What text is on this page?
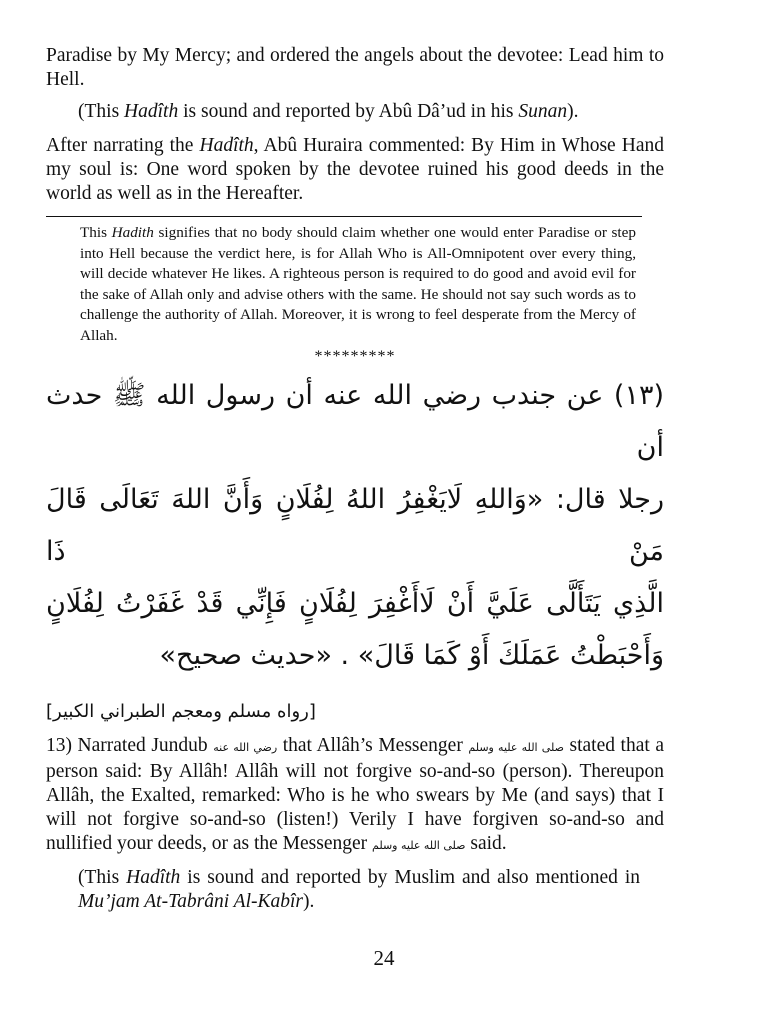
Paradise by My Mercy; and ordered the angels about the devotee: Lead him to Hell.

(This Hadîth is sound and reported by Abû Dâ’ud in his Sunan).

After narrating the Hadîth, Abû Huraira commented: By Him in Whose Hand my soul is: One word spoken by the devotee ruined his good deeds in the world as well as in the Hereafter.

This Hadith signifies that no body should claim whether one would enter Paradise or step into Hell because the verdict here, is for Allah Who is All-Omnipotent over every thing, will decide whatever He likes. A righteous person is required to do good and avoid evil for the sake of Allah only and advise others with the same. He should not say such words as to challenge the authority of Allah. Moreover, it is wrong to feel desperate from the Mercy of Allah.

*********
(١٣) عن جندب رضي الله عنه أن رسول الله ﷺ حدث أن
رجلا قال: «وَاللهِ لَايَغْفِرُ اللهُ لِفُلَانٍ وَأَنَّ اللهَ تَعَالَى قَالَ مَنْ ذَا
الَّذِي يَتَأَلَّى عَلَيَّ أَنْ لَاأَغْفِرَ لِفُلَانٍ فَإِنِّي قَدْ غَفَرْتُ لِفُلَانٍ
وَأَحْبَطْتُ عَمَلَكَ أَوْ كَمَا قَالَ» . «حديث صحيح»
[رواه مسلم ومعجم الطبراني الكبير]

13) Narrated Jundub رضي الله عنه that Allâh’s Messenger صلى الله عليه وسلم stated that a person said: By Allâh! Allâh will not forgive so-and-so (person). Thereupon Allâh, the Exalted, remarked: Who is he who swears by Me (and says) that I will not forgive so-and-so (listen!) Verily I have forgiven so-and-so and nullified your deeds, or as the Messenger صلى الله عليه وسلم said.

(This Hadîth is sound and reported by Muslim and also mentioned in Mu’jam At-Tabrâni Al-Kabîr).

24
